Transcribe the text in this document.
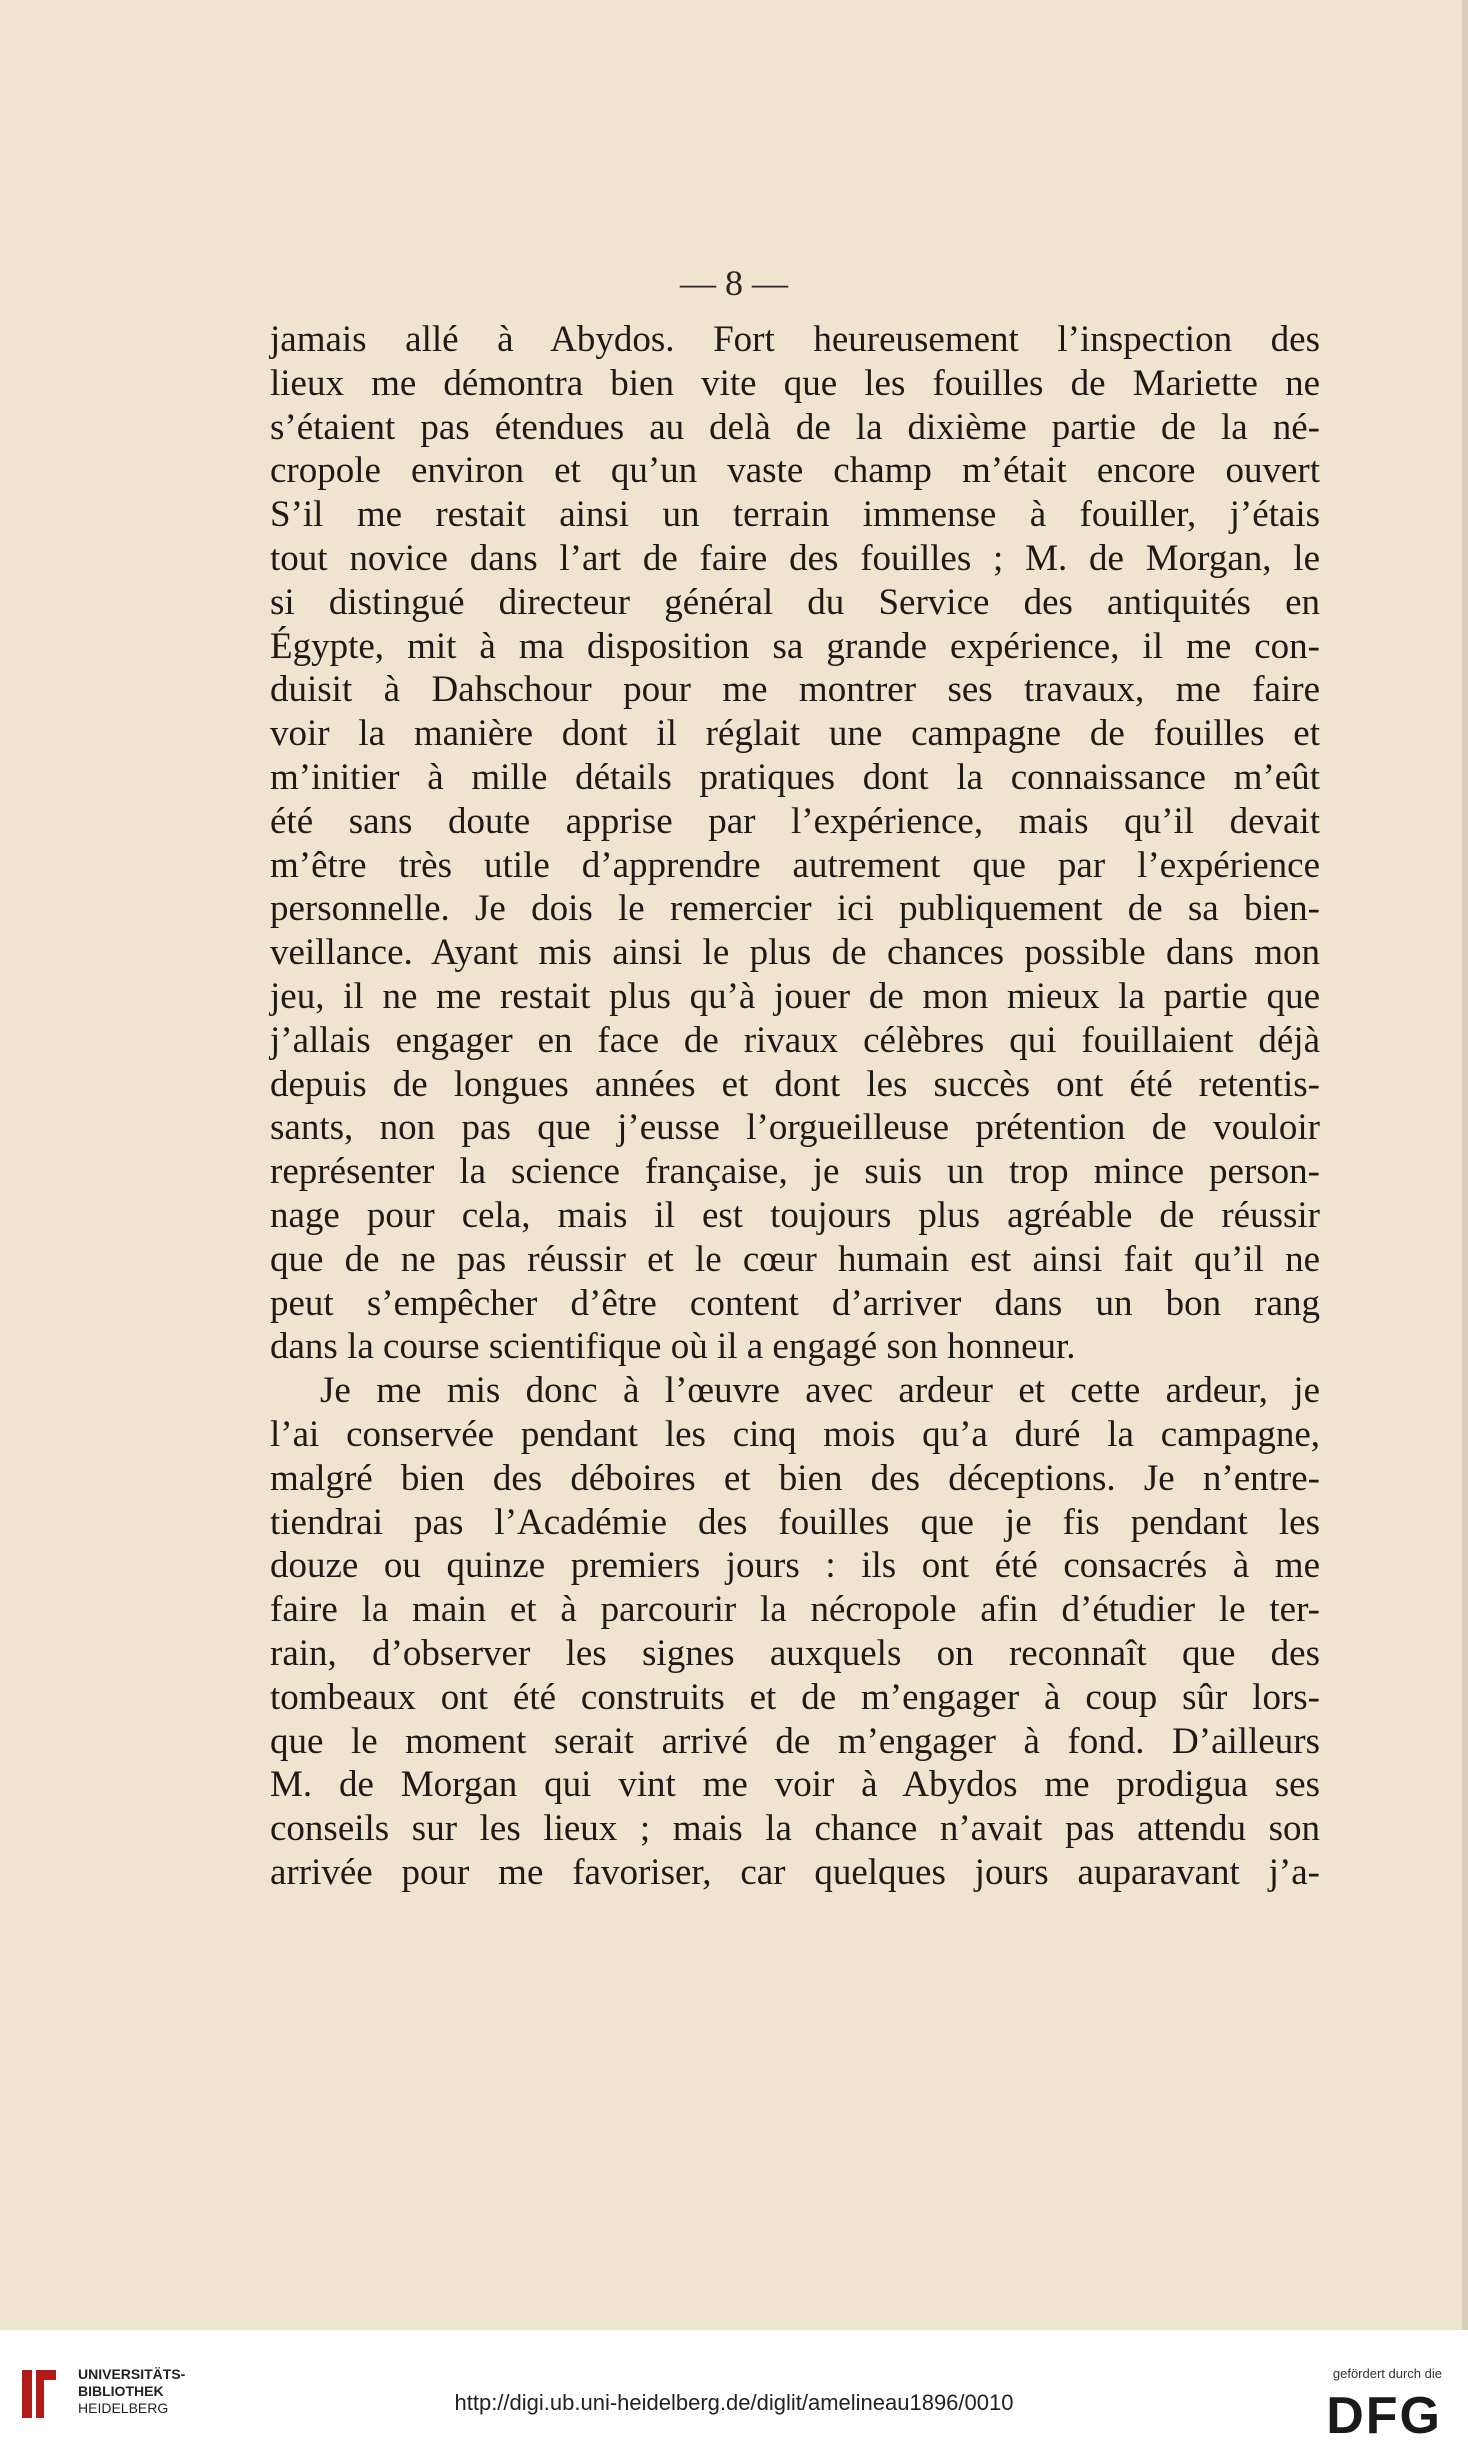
— 8 —
jamais allé à Abydos. Fort heureusement l’inspection des
lieux me démontra bien vite que les fouilles de Mariette ne
s’étaient pas étendues au delà de la dixième partie de la né-
cropole environ et qu’un vaste champ m’était encore ouvert
S’il me restait ainsi un terrain immense à fouiller, j’étais
tout novice dans l’art de faire des fouilles ; M. de Morgan, le
si distingué directeur général du Service des antiquités en
Égypte, mit à ma disposition sa grande expérience, il me con-
duisit à Dahschour pour me montrer ses travaux, me faire
voir la manière dont il réglait une campagne de fouilles et
m’initier à mille détails pratiques dont la connaissance m’eût
été sans doute apprise par l’expérience, mais qu’il devait
m’être très utile d’apprendre autrement que par l’expérience
personnelle. Je dois le remercier ici publiquement de sa bien-
veillance. Ayant mis ainsi le plus de chances possible dans mon
jeu, il ne me restait plus qu’à jouer de mon mieux la partie que
j’allais engager en face de rivaux célèbres qui fouillaient déjà
depuis de longues années et dont les succès ont été retentis-
sants, non pas que j’eusse l’orgueilleuse prétention de vouloir
représenter la science française, je suis un trop mince person-
nage pour cela, mais il est toujours plus agréable de réussir
que de ne pas réussir et le cœur humain est ainsi fait qu’il ne
peut s’empêcher d’être content d’arriver dans un bon rang
dans la course scientifique où il a engagé son honneur.
Je me mis donc à l’œuvre avec ardeur et cette ardeur, je
l’ai conservée pendant les cinq mois qu’a duré la campagne,
malgré bien des déboires et bien des déceptions. Je n’entre-
tiendrai pas l’Académie des fouilles que je fis pendant les
douze ou quinze premiers jours : ils ont été consacrés à me
faire la main et à parcourir la nécropole afin d’étudier le ter-
rain, d’observer les signes auxquels on reconnaît que des
tombeaux ont été construits et de m’engager à coup sûr lors-
que le moment serait arrivé de m’engager à fond. D’ailleurs
M. de Morgan qui vint me voir à Abydos me prodigua ses
conseils sur les lieux ; mais la chance n’avait pas attendu son
arrivée pour me favoriser, car quelques jours auparavant j’a-
UNIVERSITÄTS-
BIBLIOTHEK
HEIDELBERG	http://digi.ub.uni-heidelberg.de/diglit/amelineau1896/0010
gefördert durch die
DFG
